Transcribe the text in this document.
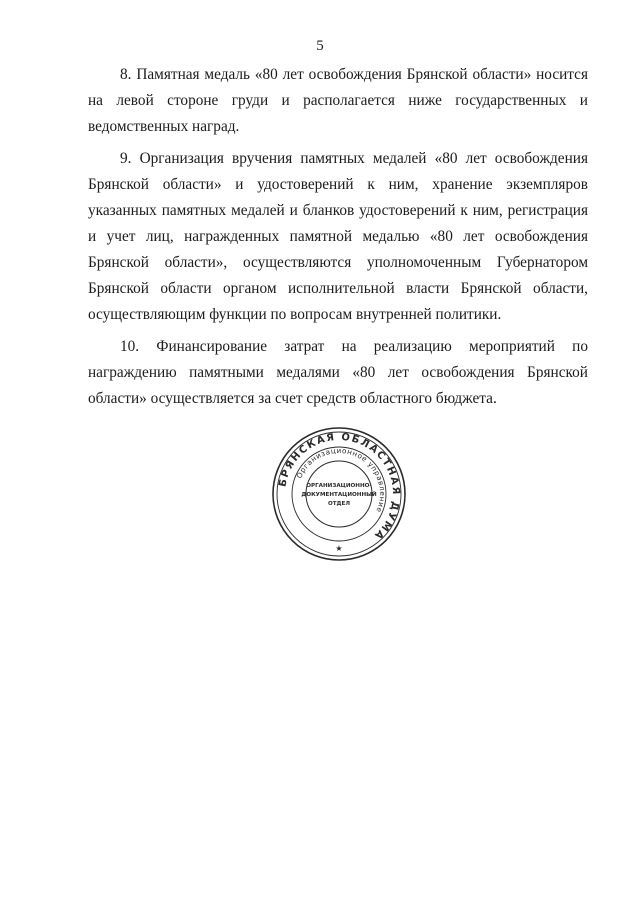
5

8. Памятная медаль «80 лет освобождения Брянской области» носится на левой стороне груди и располагается ниже государственных и ведомственных наград.

9. Организация вручения памятных медалей «80 лет освобождения Брянской области» и удостоверений к ним, хранение экземпляров указанных памятных медалей и бланков удостоверений к ним, регистрация и учет лиц, награжденных памятной медалью «80 лет освобождения Брянской области», осуществляются уполномоченным Губернатором Брянской области органом исполнительной власти Брянской области, осуществляющим функции по вопросам внутренней политики.

10. Финансирование затрат на реализацию мероприятий по награждению памятными медалями «80 лет освобождения Брянской области» осуществляется за счет средств областного бюджета.

БРЯНСКАЯ ОБЛАСТНАЯ ДУМА
Организационное управление
ОРГАНИЗАЦИОННО-
ДОКУМЕНТАЦИОННЫЙ
ОТДЕЛ
★
